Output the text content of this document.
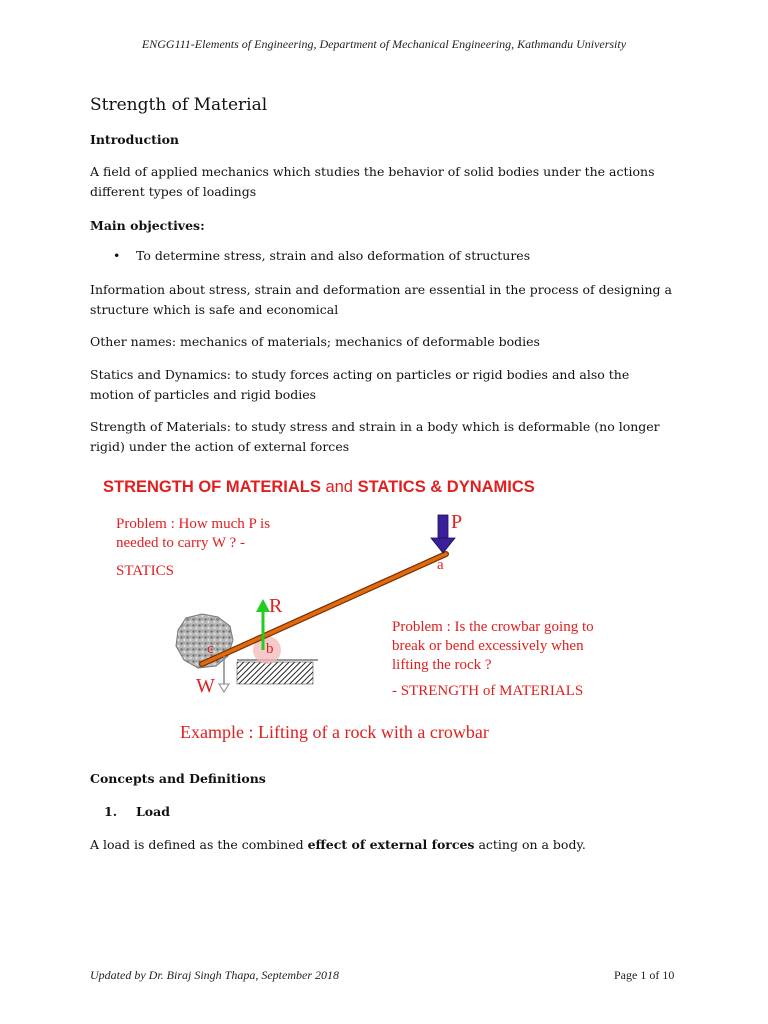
ENGG111-Elements of Engineering, Department of Mechanical Engineering, Kathmandu University
Strength of Material
Introduction
A field of applied mechanics which studies the behavior of solid bodies under the actions
different types of loadings
Main objectives:
• To determine stress, strain and also deformation of structures
Information about stress, strain and deformation are essential in the process of designing a
structure which is safe and economical
Other names: mechanics of materials; mechanics of deformable bodies
Statics and Dynamics: to study forces acting on particles or rigid bodies and also the
motion of particles and rigid bodies
Strength of Materials: to study stress and strain in a body which is deformable (no longer
rigid) under the action of external forces
STRENGTH OF MATERIALS and STATICS & DYNAMICS
Problem : How much P is
needed to carry W ? -
STATICS
P
a
R
b
c
W
Problem : Is the crowbar going to
break or bend excessively when
lifting the rock ?
- STRENGTH of MATERIALS
Example : Lifting of a rock with a crowbar
Concepts and Definitions
1. Load
A load is defined as the combined effect of external forces acting on a body.
Updated by Dr. Biraj Singh Thapa, September 2018	Page 1 of 10
